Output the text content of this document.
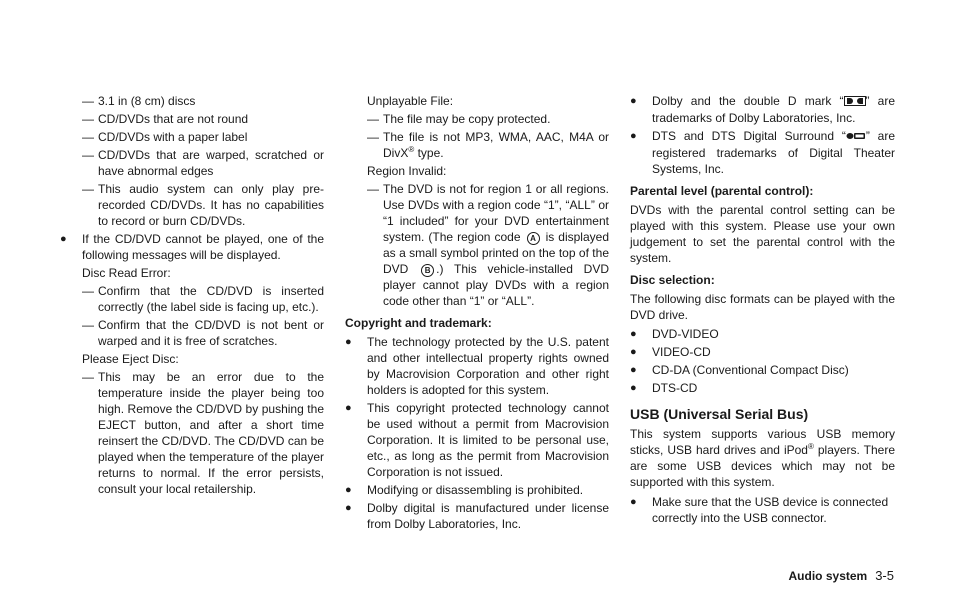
— 3.1 in (8 cm) discs
— CD/DVDs that are not round
— CD/DVDs with a paper label
— CD/DVDs that are warped, scratched or have abnormal edges
— This audio system can only play pre-recorded CD/DVDs. It has no capabilities to record or burn CD/DVDs.
● If the CD/DVD cannot be played, one of the following messages will be displayed.

Disc Read Error:

— Confirm that the CD/DVD is inserted correctly (the label side is facing up, etc.).
— Confirm that the CD/DVD is not bent or warped and it is free of scratches.

Please Eject Disc:

— This may be an error due to the temperature inside the player being too high. Remove the CD/DVD by pushing the EJECT button, and after a short time reinsert the CD/DVD. The CD/DVD can be played when the temperature of the player returns to normal. If the error persists, consult your local retailership.

Unplayable File:

— The file may be copy protected.
— The file is not MP3, WMA, AAC, M4A or DivX® type.

Region Invalid:

— The DVD is not for region 1 or all regions. Use DVDs with a region code “1”, “ALL” or “1 included” for your DVD entertainment system. (The region code A is displayed as a small symbol printed on the top of the DVD B .) This vehicle-installed DVD player cannot play DVDs with a region code other than “1” or “ALL”.

Copyright and trademark:

● The technology protected by the U.S. patent and other intellectual property rights owned by Macrovision Corporation and other right holders is adopted for this system.
● This copyright protected technology cannot be used without a permit from Macrovision Corporation. It is limited to be personal use, etc., as long as the permit from Macrovision Corporation is not issued.
● Modifying or disassembling is prohibited.
● Dolby digital is manufactured under license from Dolby Laboratories, Inc.
● Dolby and the double D mark “ ” are trademarks of Dolby Laboratories, Inc.
● DTS and DTS Digital Surround “ ” are registered trademarks of Digital Theater Systems, Inc.

Parental level (parental control):

DVDs with the parental control setting can be played with this system. Please use your own judgement to set the parental control with the system.

Disc selection:

The following disc formats can be played with the DVD drive.

● DVD-VIDEO
● VIDEO-CD
● CD-DA (Conventional Compact Disc)
● DTS-CD

USB (Universal Serial Bus)

This system supports various USB memory sticks, USB hard drives and iPod® players. There are some USB devices which may not be supported with this system.

● Make sure that the USB device is connected correctly into the USB connector.
Audio system 3-5
